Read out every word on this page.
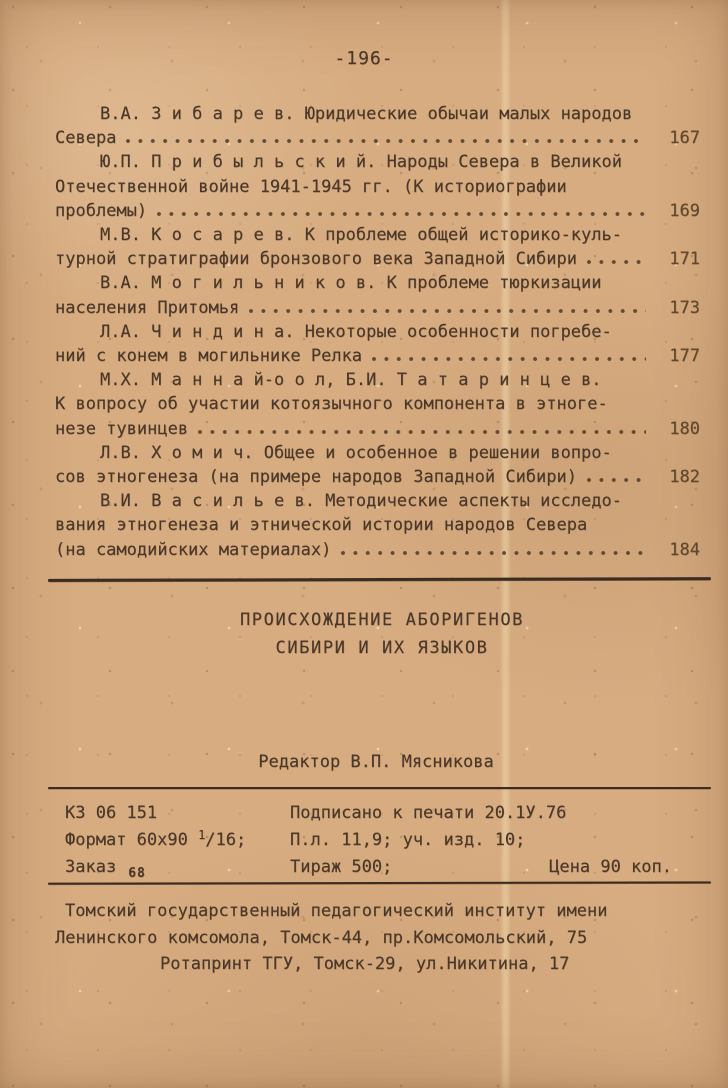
-196-
В.А. З и б а р е в. Юридические обычаи малых народов
Севера	167
Ю.П. П р и б ы л ь с к и й. Народы Севера в Великой
Отечественной войне 1941-1945 гг. (К историографии
проблемы)	169
М.В. К о с а р е в. К проблеме общей историко-куль-
турной стратиграфии бронзового века Западной Сибири	171
В.А. М о г и л ь н и к о в. К проблеме тюркизации
населения Притомья	173
Л.А. Ч и н д и н а. Некоторые особенности погребе-
ний с конем в могильнике Релка	177
М.Х. М а н н а й-о о л, Б.И. Т а т а р и н ц е в.
К вопросу об участии котоязычного компонента в этноге-
незе тувинцев	180
Л.В. Х о м и ч. Общее и особенное в решении вопро-
сов этногенеза (на примере народов Западной Сибири)	182
В.И. В а с и л ь е в. Методические аспекты исследо-
вания этногенеза и этнической истории народов Севера
(на самодийских материалах)	184
ПРОИСХОЖДЕНИЕ АБОРИГЕНОВ
СИБИРИ И ИХ ЯЗЫКОВ
Редактор В.П. Мясникова
КЗ 06 151	Подписано к печати 20.1У.76
Формат 60х90 $^1$/16;	П.л. 11,9; уч. изд. 10;
Заказ $_{68}$	Тираж 500;	Цена 90 коп.
Томский государственный педагогический институт имени
Ленинского комсомола, Томск-44, пр.Комсомольский, 75
Ротапринт ТГУ, Томск-29, ул.Никитина, 17
